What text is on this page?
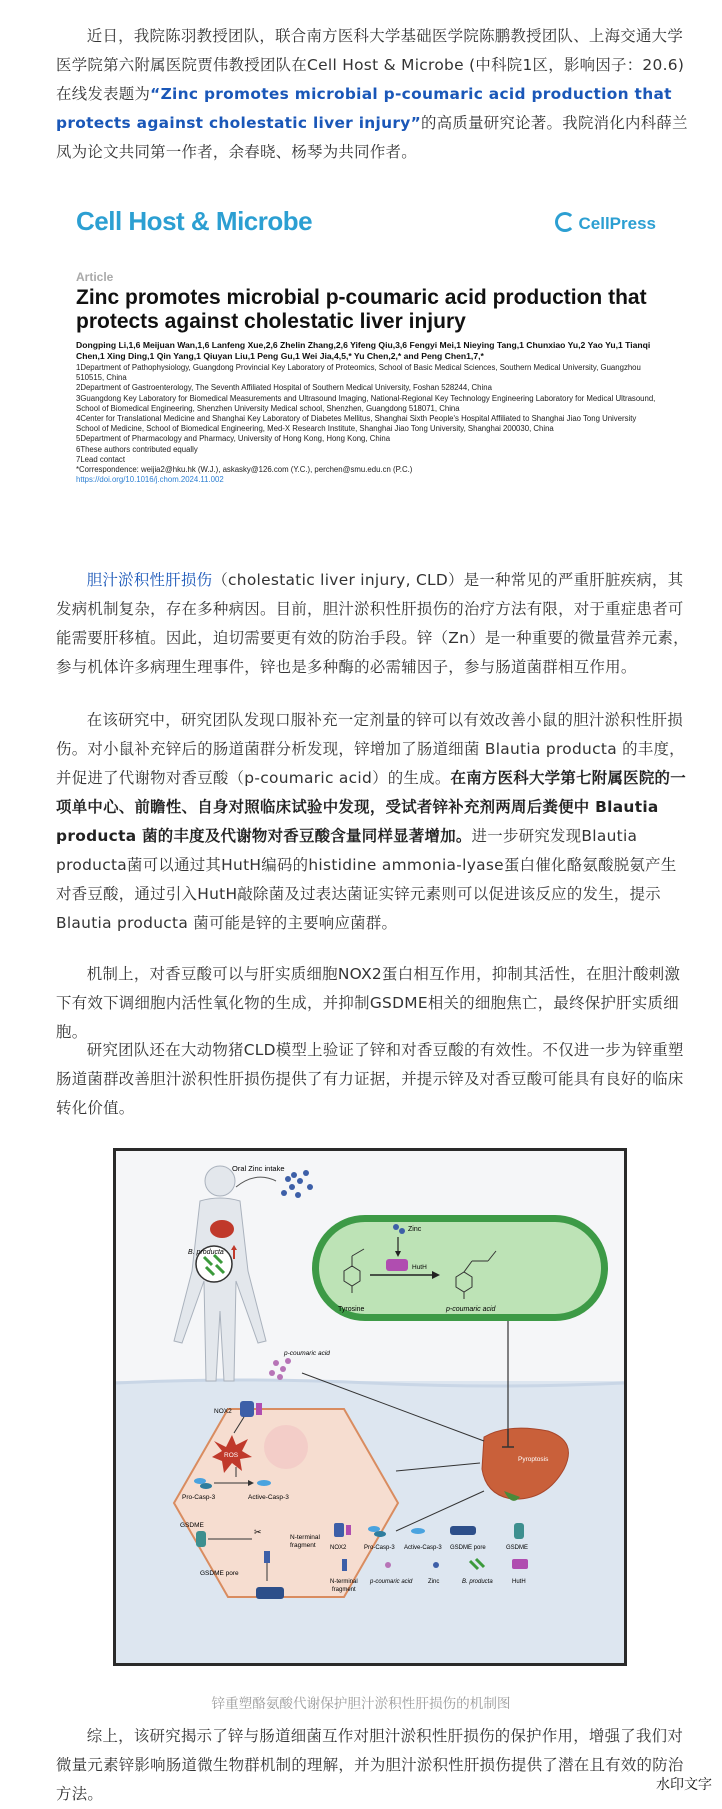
近日，我院陈羽教授团队，联合南方医科大学基础医学院陈鹏教授团队、上海交通大学医学院第六附属医院贾伟教授团队在Cell Host & Microbe (中科院1区，影响因子：20.6) 在线发表题为“Zinc promotes microbial p-coumaric acid production that protects against cholestatic liver injury”的高质量研究论著。我院消化内科薛兰凤为论文共同第一作者，余春晓、杨琴为共同作者。

Cell Host & Microbe	CellPress
Article
Zinc promotes microbial p-coumaric acid production that protects against cholestatic liver injury
Dongping Li,1,6 Meijuan Wan,1,6 Lanfeng Xue,2,6 Zhelin Zhang,2,6 Yifeng Qiu,3,6 Fengyi Mei,1 Nieying Tang,1 Chunxiao Yu,2 Yao Yu,1 Tianqi Chen,1 Xing Ding,1 Qin Yang,1 Qiuyan Liu,1 Peng Gu,1 Wei Jia,4,5,* Yu Chen,2,* and Peng Chen1,7,*
1Department of Pathophysiology, Guangdong Provincial Key Laboratory of Proteomics, School of Basic Medical Sciences, Southern Medical University, Guangzhou 510515, China
2Department of Gastroenterology, The Seventh Affiliated Hospital of Southern Medical University, Foshan 528244, China
3Guangdong Key Laboratory for Biomedical Measurements and Ultrasound Imaging, National-Regional Key Technology Engineering Laboratory for Medical Ultrasound, School of Biomedical Engineering, Shenzhen University Medical school, Shenzhen, Guangdong 518071, China
4Center for Translational Medicine and Shanghai Key Laboratory of Diabetes Mellitus, Shanghai Sixth People's Hospital Affiliated to Shanghai Jiao Tong University School of Medicine, School of Biomedical Engineering, Med-X Research Institute, Shanghai Jiao Tong University, Shanghai 200030, China
5Department of Pharmacology and Pharmacy, University of Hong Kong, Hong Kong, China
6These authors contributed equally
7Lead contact
*Correspondence: weijia2@hku.hk (W.J.), askasky@126.com (Y.C.), perchen@smu.edu.cn (P.C.)
https://doi.org/10.1016/j.chom.2024.11.002

胆汁淤积性肝损伤（cholestatic liver injury, CLD）是一种常见的严重肝脏疾病，其发病机制复杂，存在多种病因。目前，胆汁淤积性肝损伤的治疗方法有限，对于重症患者可能需要肝移植。因此，迫切需要更有效的防治手段。锌（Zn）是一种重要的微量营养元素，参与机体许多病理生理事件，锌也是多种酶的必需辅因子，参与肠道菌群相互作用。

在该研究中，研究团队发现口服补充一定剂量的锌可以有效改善小鼠的胆汁淤积性肝损伤。对小鼠补充锌后的肠道菌群分析发现，锌增加了肠道细菌 Blautia producta 的丰度，并促进了代谢物对香豆酸（p-coumaric acid）的生成。在南方医科大学第七附属医院的一项单中心、前瞻性、自身对照临床试验中发现，受试者锌补充剂两周后粪便中 Blautia producta 菌的丰度及代谢物对香豆酸含量同样显著增加。进一步研究发现Blautia producta菌可以通过其HutH编码的histidine ammonia-lyase蛋白催化酪氨酸脱氨产生对香豆酸，通过引入HutH敲除菌及过表达菌证实锌元素则可以促进该反应的发生，提示Blautia producta 菌可能是锌的主要响应菌群。

机制上，对香豆酸可以与肝实质细胞NOX2蛋白相互作用，抑制其活性，在胆汁酸刺激下有效下调细胞内活性氧化物的生成，并抑制GSDME相关的细胞焦亡，最终保护肝实质细胞。

研究团队还在大动物猪CLD模型上验证了锌和对香豆酸的有效性。不仅进一步为锌重塑肠道菌群改善胆汁淤积性肝损伤提供了有力证据，并提示锌及对香豆酸可能具有良好的临床转化价值。

B. producta
Oral Zinc intake
Zinc
HutH
Tyrosine	p-coumaric acid
p-coumaric acid
NOX2
ROS
Pro-Casp-3	Active-Casp-3
GSDME
✂
N-terminal
fragment
GSDME pore
Pyroptosis
NOX2	Pro-Casp-3 Active-Casp-3 GSDME pore	GSDME
N-terminal
fragment
p-coumaric acid	Zinc	B. producta	HutH
锌重塑酪氨酸代谢保护胆汁淤积性肝损伤的机制图

综上，该研究揭示了锌与肠道细菌互作对胆汁淤积性肝损伤的保护作用，增强了我们对微量元素锌影响肠道微生物群机制的理解，并为胆汁淤积性肝损伤提供了潜在且有效的防治方法。	水印文字
